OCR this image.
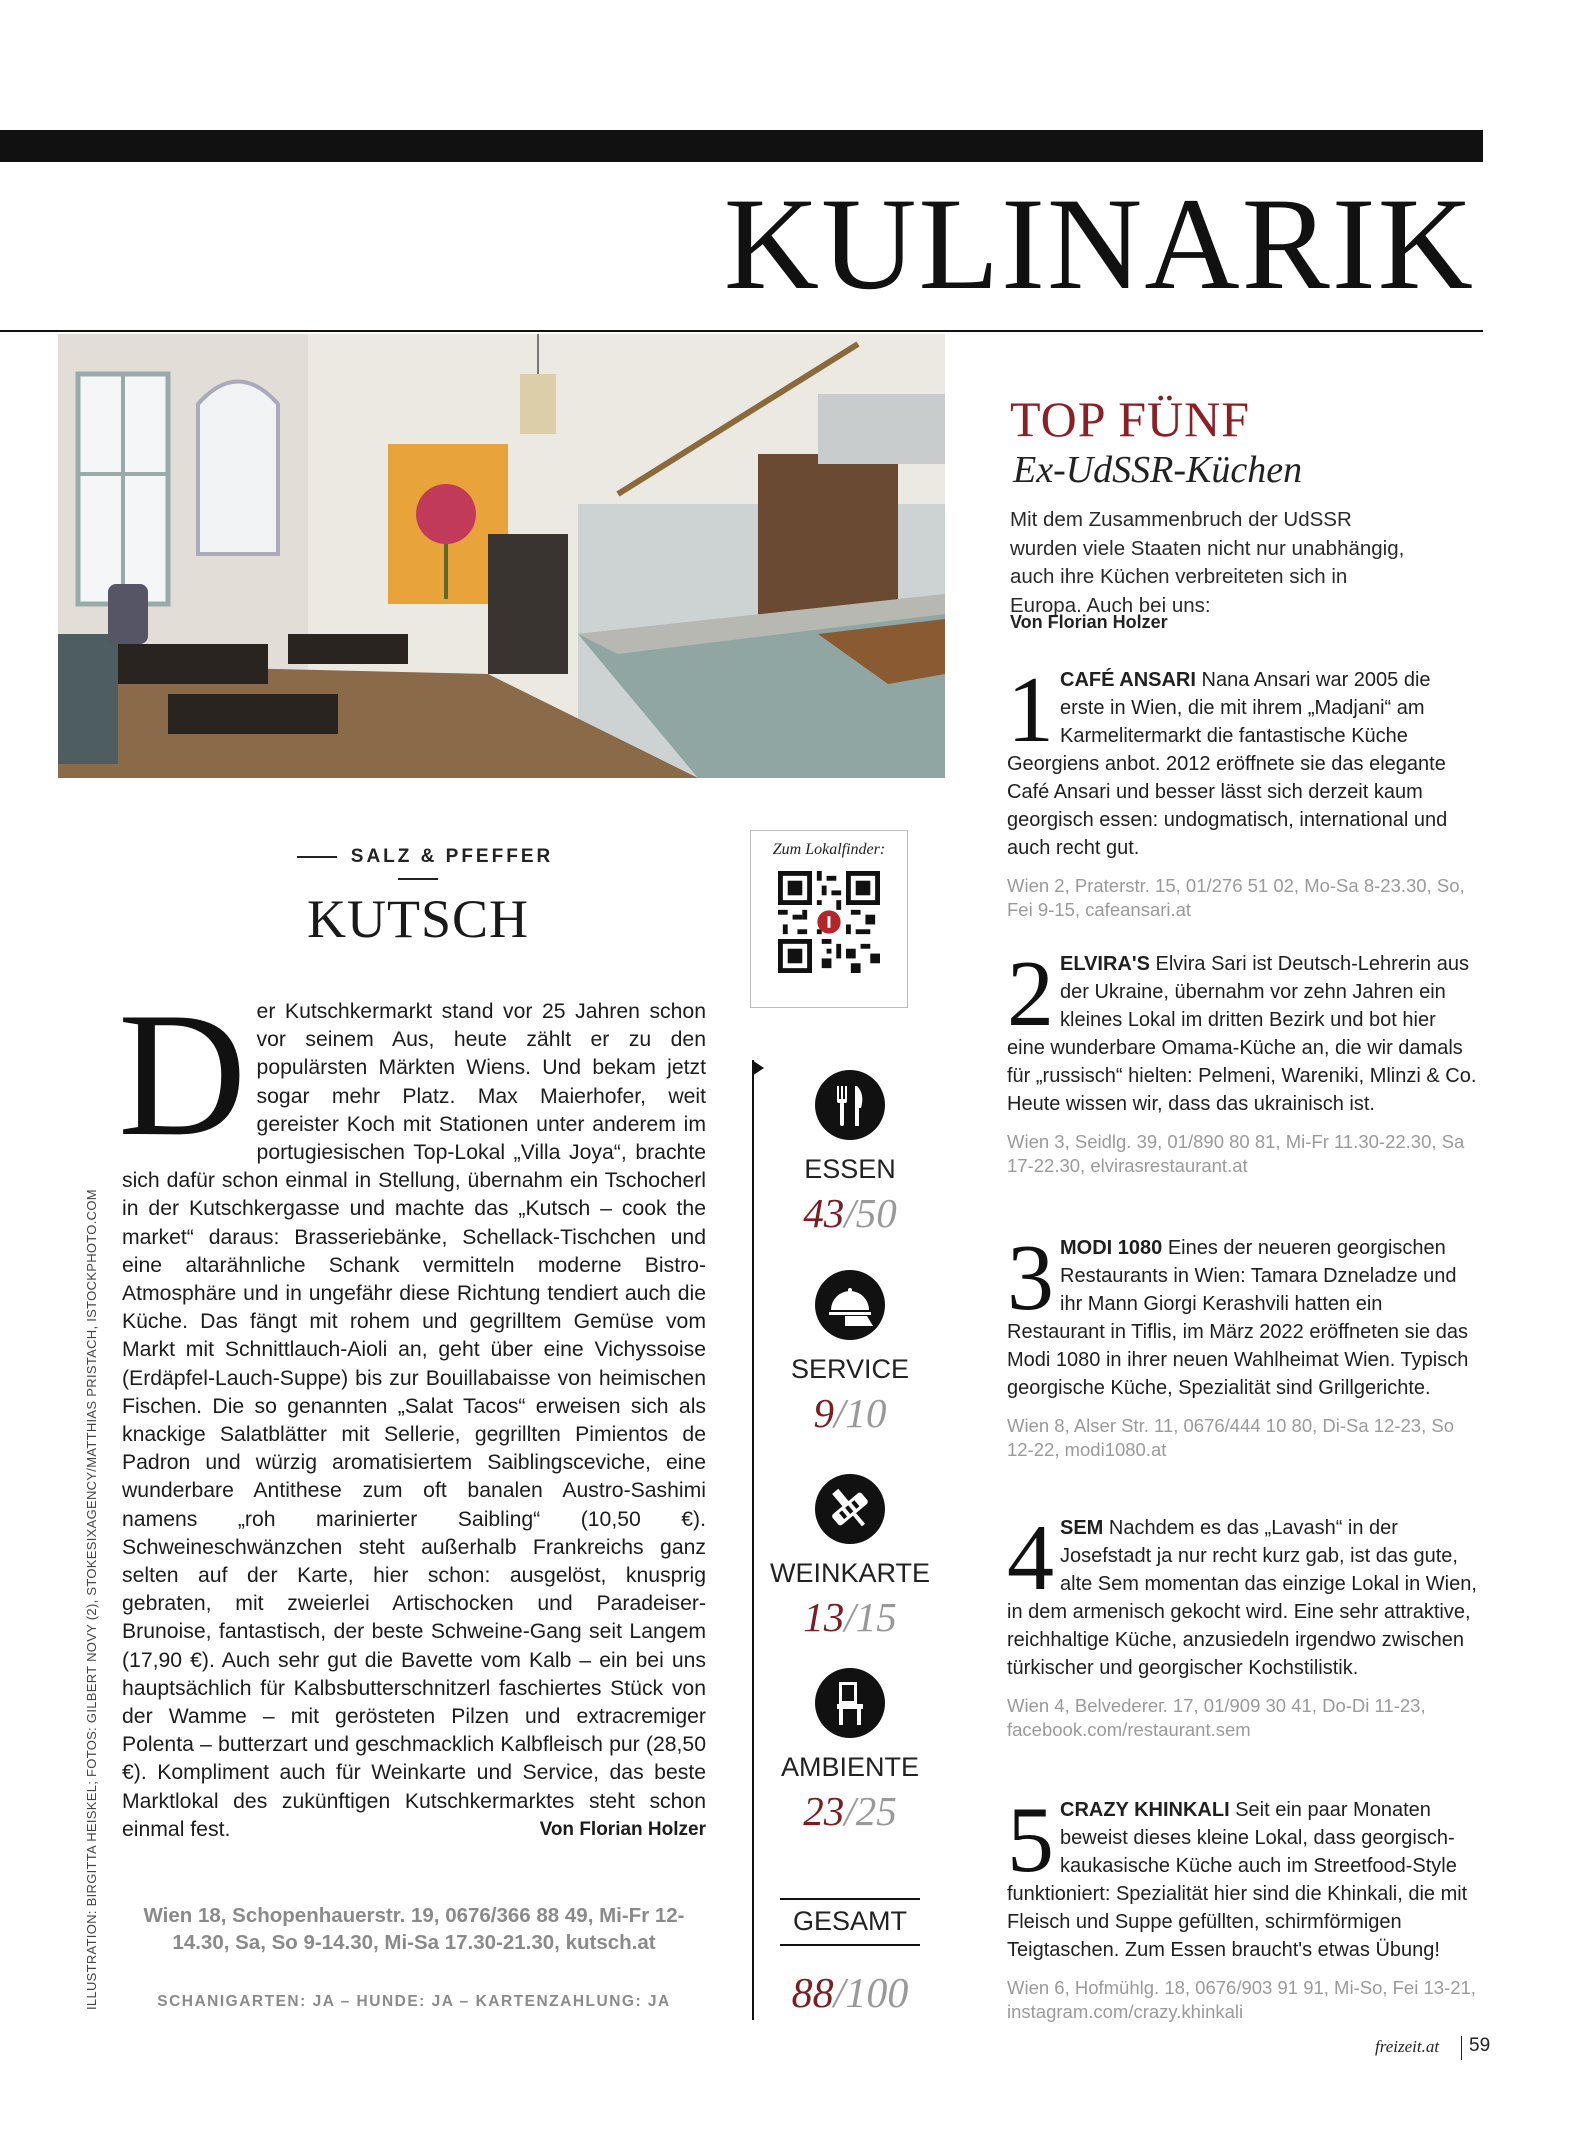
KULINARIK
SALZ & PFEFFER
KUTSCH
Zum Lokalfinder:
Der Kutschkermarkt stand vor 25 Jahren schon vor seinem Aus, heute zählt er zu den populärsten Märkten Wiens. Und bekam jetzt sogar mehr Platz. Max Maierhofer, weit gereister Koch mit Stationen unter anderem im portugiesischen Top-Lokal „Villa Joya“, brachte sich dafür schon einmal in Stellung, übernahm ein Tschocherl in der Kutschkergasse und machte das „Kutsch – cook the market“ daraus: Brasseriebänke, Schellack-Tischchen und eine altarähnliche Schank vermitteln moderne Bistro-Atmosphäre und in ungefähr diese Richtung tendiert auch die Küche. Das fängt mit rohem und gegrilltem Gemüse vom Markt mit Schnittlauch-Aioli an, geht über eine Vichyssoise (Erdäpfel-Lauch-Suppe) bis zur Bouillabaisse von heimischen Fischen. Die so genannten „Salat Tacos“ erweisen sich als knackige Salatblätter mit Sellerie, gegrillten Pimientos de Padron und würzig aromatisiertem Saiblingsceviche, eine wunderbare Antithese zum oft banalen Austro-Sashimi namens „roh marinierter Saibling“ (10,50 €). Schweineschwänzchen steht außerhalb Frankreichs ganz selten auf der Karte, hier schon: ausgelöst, knusprig gebraten, mit zweierlei Artischocken und Paradeiser-Brunoise, fantastisch, der beste Schweine-Gang seit Langem (17,90 €). Auch sehr gut die Bavette vom Kalb – ein bei uns hauptsächlich für Kalbsbutterschnitzerl faschiertes Stück von der Wamme – mit gerösteten Pilzen und extracremiger Polenta – butterzart und geschmacklich Kalbfleisch pur (28,50 €). Kompliment auch für Weinkarte und Service, das beste Marktlokal des zukünftigen Kutschkermarktes steht schon einmal fest.	Von Florian Holzer
Wien 18, Schopenhauerstr. 19, 0676/366 88 49, Mi-Fr 12-14.30, Sa, So 9-14.30, Mi-Sa 17.30-21.30, kutsch.at
SCHANIGARTEN: JA – HUNDE: JA – KARTENZAHLUNG: JA
ILLUSTRATION: BIRGITTA HEISKEL; FOTOS: GILBERT NOVY (2), STOKESIXAGENCY/MATTHIAS PRISTACH, ISTOCKPHOTO.COM
ESSEN
43/50
SERVICE
9/10
WEINKARTE
13/15
AMBIENTE
23/25
GESAMT
88/100
TOP FÜNF
Ex-UdSSR-Küchen
Mit dem Zusammenbruch der UdSSR wurden viele Staaten nicht nur unabhängig, auch ihre Küchen verbreiteten sich in Europa. Auch bei uns:
Von Florian Holzer
1 CAFÉ ANSARI Nana Ansari war 2005 die erste in Wien, die mit ihrem „Madjani“ am Karmelitermarkt die fantastische Küche Georgiens anbot. 2012 eröffnete sie das elegante Café Ansari und besser lässt sich derzeit kaum georgisch essen: undogmatisch, international und auch recht gut.
Wien 2, Praterstr. 15, 01/276 51 02, Mo-Sa 8-23.30, So, Fei 9-15, cafeansari.at
2 ELVIRA'S Elvira Sari ist Deutsch-Lehrerin aus der Ukraine, übernahm vor zehn Jahren ein kleines Lokal im dritten Bezirk und bot hier eine wunderbare Omama-Küche an, die wir damals für „russisch“ hielten: Pelmeni, Wareniki, Mlinzi & Co. Heute wissen wir, dass das ukrainisch ist.
Wien 3, Seidlg. 39, 01/890 80 81, Mi-Fr 11.30-22.30, Sa 17-22.30, elvirasrestaurant.at
3 MODI 1080 Eines der neueren georgischen Restaurants in Wien: Tamara Dzneladze und ihr Mann Giorgi Kerashvili hatten ein Restaurant in Tiflis, im März 2022 eröffneten sie das Modi 1080 in ihrer neuen Wahlheimat Wien. Typisch georgische Küche, Spezialität sind Grillgerichte.
Wien 8, Alser Str. 11, 0676/444 10 80, Di-Sa 12-23, So 12-22, modi1080.at
4 SEM Nachdem es das „Lavash“ in der Josefstadt ja nur recht kurz gab, ist das gute, alte Sem momentan das einzige Lokal in Wien, in dem armenisch gekocht wird. Eine sehr attraktive, reichhaltige Küche, anzusiedeln irgendwo zwischen türkischer und georgischer Kochstilistik.
Wien 4, Belvederег. 17, 01/909 30 41, Do-Di 11-23, facebook.com/restaurant.sem
5 CRAZY KHINKALI Seit ein paar Monaten beweist dieses kleine Lokal, dass georgisch-kaukasische Küche auch im Streetfood-Style funktioniert: Spezialität hier sind die Khinkali, die mit Fleisch und Suppe gefüllten, schirmförmigen Teigtaschen. Zum Essen braucht's etwas Übung!
Wien 6, Hofmühlg. 18, 0676/903 91 91, Mi-So, Fei 13-21, instagram.com/crazy.khinkali
freizeit.at 59
